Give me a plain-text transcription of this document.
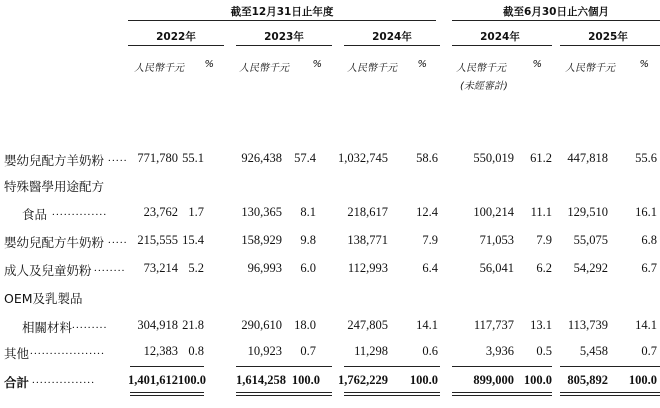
截至12月31日止年度	截至6月30日止六個月
2022年	2023年	2024年	2024年	2025年
人民幣千元	%	人民幣千元	%	人民幣千元	%	人民幣千元	% 人民幣千元	%
(未經審計)
嬰幼兒配方羊奶粉 ..... 771,780 55.1	926,438 57.4	1,032,745	58.6	550,019	61.2	447,818	55.6
特殊醫學用途配方
食品 ..............	23,762 1.7	130,365	8.1	218,617	12.4	100,214	11.1	129,510	16.1
嬰幼兒配方牛奶粉 ..... 215,555 15.4	158,929	9.8	138,771	7.9	71,053	7.9	55,075	6.8
成人及兒童奶粉 ........	73,214 5.2	96,993	6.0	112,993	6.4	56,041	6.2	54,292	6.7
OEM及乳製品
相關材料 .........	304,918 21.8	290,610 18.0	247,805	14.1	117,737	13.1	113,739	14.1
其他 ...................	12,383 0.8	10,923	0.7	11,298	0.6	3,936	0.5	5,458	0.7
合計 ................	1,401,612 100.0	1,614,258 100.0	1,762,229	100.0	899,000 100.0	805,892	100.0
